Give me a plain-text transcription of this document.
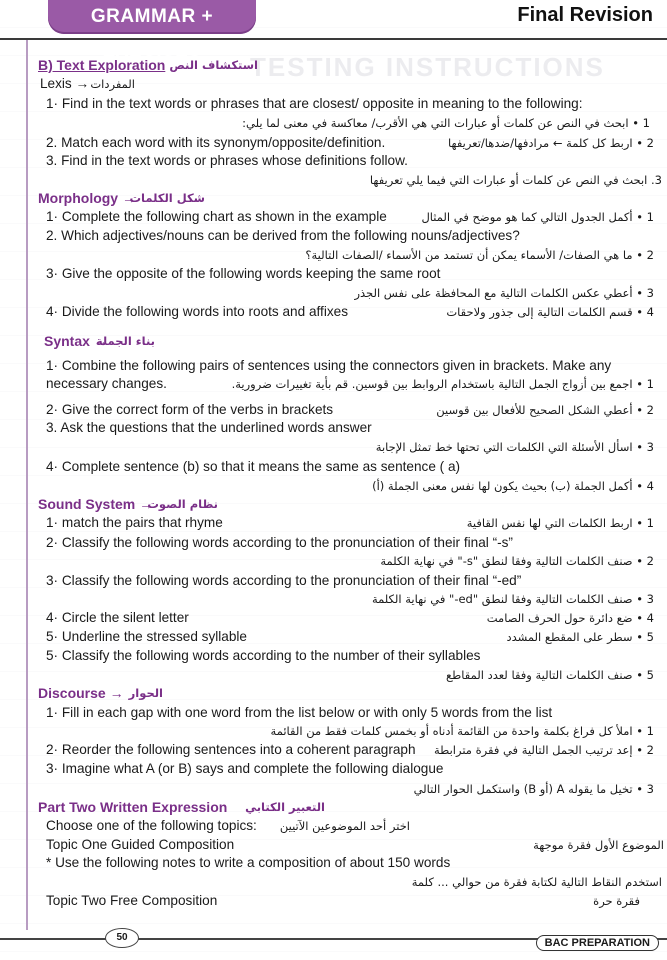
TESTING INSTRUCTIONS
GRAMMAR + EXECISES
Final Revision
B) Text Exploration استكشاف النص
Lexis → المفردات
1· Find in the text words or phrases that are closest/ opposite in meaning to the following:
1 • ابحث في النص عن كلمات أو عبارات التي هي الأقرب/ معاكسة في معنى لما يلي:
2. Match each word with its synonym/opposite/definition.	2 • اربط كل كلمة ← مرادفها/ضدها/تعريفها
3. Find in the text words or phrases whose definitions follow.
3. ابحث في النص عن كلمات أو عبارات التي فيما يلي تعريفها
Morphology →
شكل الكلمات
1· Complete the following chart as shown in the example	1 • أكمل الجدول التالي كما هو موضح في المثال
2. Which adjectives/nouns can be derived from the following nouns/adjectives?
2 • ما هي الصفات/ الأسماء يمكن أن تستمد من الأسماء /الصفات التالية؟
3· Give the opposite of the following words keeping the same root
3 • أعطي عكس الكلمات التالية مع المحافظة على نفس الجذر
4· Divide the following words into roots and affixes	4 • قسم الكلمات التالية إلى جذور ولاحقات
Syntax →
بناء الجملة
1· Combine the following pairs of sentences using the connectors given in brackets. Make any
necessary changes.	1 • اجمع بين أزواج الجمل التالية باستخدام الروابط بين قوسين. قم بأية تغييرات ضرورية.
2· Give the correct form of the verbs in brackets	2 • أعطي الشكل الصحيح للأفعال بين قوسين
3. Ask the questions that the underlined words answer
3 • اسأل الأسئلة التي الكلمات التي تحتها خط تمثل الإجابة
4· Complete sentence (b) so that it means the same as sentence ( a)
4 • أكمل الجملة (ب) بحيث يكون لها نفس معنى الجملة (أ)
Sound System →
نظام الصوت
1· match the pairs that rhyme	1 • اربط الكلمات التي لها نفس القافية
2· Classify the following words according to the pronunciation of their final “-s”
2 • صنف الكلمات التالية وفقا لنطق "s-" في نهاية الكلمة
3· Classify the following words according to the pronunciation of their final “-ed”
3 • صنف الكلمات التالية وفقا لنطق "ed-" في نهاية الكلمة
4· Circle the silent letter	4 • ضع دائرة حول الحرف الصامت
5· Underline the stressed syllable	5 • سطر على المقطع المشدد
5· Classify the following words according to the number of their syllables
5 • صنف الكلمات التالية وفقا لعدد المقاطع
Discourse → الحوار
1· Fill in each gap with one word from the list below or with only 5 words from the list
1 • املأ كل فراغ بكلمة واحدة من القائمة أدناه أو بخمس كلمات فقط من القائمة
2· Reorder the following sentences into a coherent paragraph 2 • إعد ترتيب الجمل التالية في فقرة مترابطة
3· Imagine what A (or B) says and complete the following dialogue
3 • تخيل ما يقوله A (أو B) واستكمل الحوار التالي
Part Two Written Expression التعبير الكتابي
Choose one of the following topics: اختر أحد الموضوعين الآتيين
Topic One Guided Composition	الموضوع الأول فقرة موجهة
* Use the following notes to write a composition of about 150 words
استخدم النقاط التالية لكتابة فقرة من حوالي ... كلمة
Topic Two Free Composition	فقرة حرة
50	BAC PREPARATION
